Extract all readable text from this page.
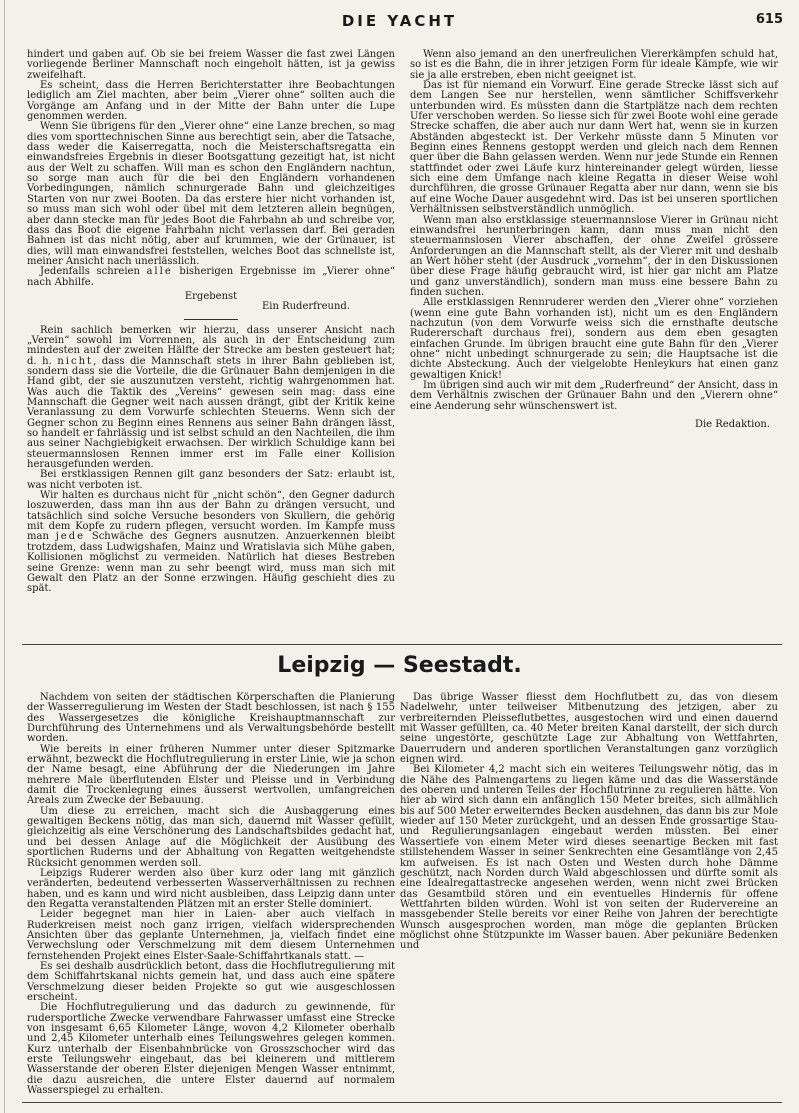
DIE YACHT	615

hindert und gaben auf. Ob sie bei freiem Wasser die fast zwei Längen vorliegende Berliner Mannschaft noch eingeholt hätten, ist ja gewiss zweifelhaft.

Es scheint, dass die Herren Berichterstatter ihre Beobachtungen lediglich am Ziel machten, aber beim „Vierer ohne“ sollten auch die Vorgänge am Anfang und in der Mitte der Bahn unter die Lupe genommen werden.

Wenn Sie übrigens für den „Vierer ohne“ eine Lanze brechen, so mag dies vom sporttechnischen Sinne aus berechtigt sein, aber die Tatsache, dass weder die Kaiserregatta, noch die Meisterschaftsregatta ein einwandsfreies Ergebnis in dieser Bootsgattung gezeitigt hat, ist nicht aus der Welt zu schaffen. Will man es schon den Engländern nachtun, so sorge man auch für die bei den Engländern vorhandenen Vorbedingungen, nämlich schnurgerade Bahn und gleichzeitiges Starten von nur zwei Booten. Da das erstere hier nicht vorhanden ist, so muss man sich wohl oder übel mit dem letzteren allein begnügen, aber dann stecke man für jedes Boot die Fahrbahn ab und schreibe vor, dass das Boot die eigene Fahrbahn nicht verlassen darf. Bei geraden Bahnen ist das nicht nötig, aber auf krummen, wie der Grünauer, ist dies, will man einwandsfrei feststellen, welches Boot das schnellste ist, meiner Ansicht nach unerlässlich.

Jedenfalls schreien alle bisherigen Ergebnisse im „Vierer ohne“ nach Abhilfe.

Ergebenst

Ein Ruderfreund.

Rein sachlich bemerken wir hierzu, dass unserer Ansicht nach „Verein“ sowohl im Vorrennen, als auch in der Entscheidung zum mindesten auf der zweiten Hälfte der Strecke am besten gesteuert hat; d. h. nicht, dass die Mannschaft stets in ihrer Bahn geblieben ist, sondern dass sie die Vorteile, die die Grünauer Bahn demjenigen in die Hand gibt, der sie auszunutzen versteht, richtig wahrgenommen hat. Was auch die Taktik des „Vereins“ gewesen sein mag: dass eine Mannschaft die Gegner weit nach aussen drängt, gibt der Kritik keine Veranlassung zu dem Vorwurfe schlechten Steuerns. Wenn sich der Gegner schon zu Beginn eines Rennens aus seiner Bahn drängen lässt, so handelt er fahrlässig und ist selbst schuld an den Nachteilen, die ihm aus seiner Nachgiebigkeit erwachsen. Der wirklich Schuldige kann bei steuermannslosen Rennen immer erst im Falle einer Kollision herausgefunden werden.

Bei erstklassigen Rennen gilt ganz besonders der Satz: erlaubt ist, was nicht verboten ist.

Wir halten es durchaus nicht für „nicht schön“, den Gegner dadurch loszuwerden, dass man ihn aus der Bahn zu drängen versucht, und tatsächlich sind solche Versuche besonders von Skullern, die gehörig mit dem Kopfe zu rudern pflegen, versucht worden. Im Kampfe muss man jede Schwäche des Gegners ausnutzen. Anzuerkennen bleibt trotzdem, dass Ludwigshafen, Mainz und Wratislavia sich Mühe gaben, Kollisionen möglichst zu vermeiden. Natürlich hat dieses Bestreben seine Grenze: wenn man zu sehr beengt wird, muss man sich mit Gewalt den Platz an der Sonne erzwingen. Häufig geschieht dies zu spät.

Wenn also jemand an den unerfreulichen Viererkämpfen schuld hat, so ist es die Bahn, die in ihrer jetzigen Form für ideale Kämpfe, wie wir sie ja alle erstreben, eben nicht geeignet ist.

Das ist für niemand ein Vorwurf. Eine gerade Strecke lässt sich auf dem Langen See nur herstellen, wenn sämtlicher Schiffsverkehr unterbunden wird. Es müssten dann die Startplätze nach dem rechten Ufer verschoben werden. So liesse sich für zwei Boote wohl eine gerade Strecke schaffen, die aber auch nur dann Wert hat, wenn sie in kurzen Abständen abgesteckt ist. Der Verkehr müsste dann 5 Minuten vor Beginn eines Rennens gestoppt werden und gleich nach dem Rennen quer über die Bahn gelassen werden. Wenn nur jede Stunde ein Rennen stattfindet oder zwei Läufe kurz hintereinander gelegt würden, liesse sich eine dem Umfange nach kleine Regatta in dieser Weise wohl durchführen, die grosse Grünauer Regatta aber nur dann, wenn sie bis auf eine Woche Dauer ausgedehnt wird. Das ist bei unseren sportlichen Verhältnissen selbstverständlich unmöglich.

Wenn man also erstklassige steuermannslose Vierer in Grünau nicht einwandsfrei herunterbringen kann, dann muss man nicht den steuermannslosen Vierer abschaffen, der ohne Zweifel grössere Anforderungen an die Mannschaft stellt, als der Vierer mit und deshalb an Wert höher steht (der Ausdruck „vornehm“, der in den Diskussionen über diese Frage häufig gebraucht wird, ist hier gar nicht am Platze und ganz unverständlich), sondern man muss eine bessere Bahn zu finden suchen.

Alle erstklassigen Rennruderer werden den „Vierer ohne“ vorziehen (wenn eine gute Bahn vorhanden ist), nicht um es den Engländern nachzutun (von dem Vorwurfe weiss sich die ernsthafte deutsche Rudererschaft durchaus frei), sondern aus dem eben gesagten einfachen Grunde. Im übrigen braucht eine gute Bahn für den „Vierer ohne“ nicht unbedingt schnurgerade zu sein; die Hauptsache ist die dichte Absteckung. Auch der vielgelobte Henleykurs hat einen ganz gewaltigen Knick!

Im übrigen sind auch wir mit dem „Ruderfreund“ der Ansicht, dass in dem Verhältnis zwischen der Grünauer Bahn und den „Vierern ohne“ eine Aenderung sehr wünschenswert ist.

Die Redaktion.

Leipzig — Seestadt.

Nachdem von seiten der städtischen Körperschaften die Planierung der Wasserregulierung im Westen der Stadt beschlossen, ist nach § 155 des Wassergesetzes die königliche Kreishauptmannschaft zur Durchführung des Unternehmens und als Verwaltungsbehörde bestellt worden.

Wie bereits in einer früheren Nummer unter dieser Spitzmarke erwähnt, bezweckt die Hochflutregulierung in erster Linie, wie ja schon der Name besagt, eine Abführung der die Niederungen im Jahre mehrere Male überflutenden Elster und Pleisse und in Verbindung damit die Trockenlegung eines äusserst wertvollen, umfangreichen Areals zum Zwecke der Bebauung.

Um diese zu erreichen, macht sich die Ausbaggerung eines gewaltigen Beckens nötig, das man sich, dauernd mit Wasser gefüllt, gleichzeitig als eine Verschönerung des Landschaftsbildes gedacht hat, und bei dessen Anlage auf die Möglichkeit der Ausübung des sportlichen Ruderns und der Abhaltung von Regatten weitgehendste Rücksicht genommen werden soll.

Leipzigs Ruderer werden also über kurz oder lang mit gänzlich veränderten, bedeutend verbesserten Wasserverhältnissen zu rechnen haben, und es kann und wird nicht ausbleiben, dass Leipzig dann unter den Regatta veranstaltenden Plätzen mit an erster Stelle dominiert.

Leider begegnet man hier in Laien- aber auch vielfach in Ruderkreisen meist noch ganz irrigen, vielfach widersprechenden Ansichten über das geplante Unternehmen, ja, vielfach findet eine Verwechslung oder Verschmelzung mit dem diesem Unternehmen fernstehenden Projekt eines Elster-Saale-Schiffahrtkanals statt. —

Es sei deshalb ausdrücklich betont, dass die Hochflutregulierung mit dem Schiffahrtskanal nichts gemein hat, und dass auch eine spätere Verschmelzung dieser beiden Projekte so gut wie ausgeschlossen erscheint.

Die Hochflutregulierung und das dadurch zu gewinnende, für rudersportliche Zwecke verwendbare Fahrwasser umfasst eine Strecke von insgesamt 6,65 Kilometer Länge, wovon 4,2 Kilometer oberhalb und 2,45 Kilometer unterhalb eines Teilungswehres gelegen kommen. Kurz unterhalb der Eisenbahnbrücke von Grosszschocher wird das erste Teilungswehr eingebaut, das bei kleinerem und mittlerem Wasserstande der oberen Elster diejenigen Mengen Wasser entnimmt, die dazu ausreichen, die untere Elster dauernd auf normalem Wasserspiegel zu erhalten.

Das übrige Wasser fliesst dem Hochflutbett zu, das von diesem Nadelwehr, unter teilweiser Mitbenutzung des jetzigen, aber zu verbreiternden Pleisseflutbettes, ausgestochen wird und einen dauernd mit Wasser gefüllten, ca. 40 Meter breiten Kanal darstellt, der sich durch seine ungestörte, geschützte Lage zur Abhaltung von Wettfahrten, Dauerrudern und anderen sportlichen Veranstaltungen ganz vorzüglich eignen wird.

Bei Kilometer 4,2 macht sich ein weiteres Teilungswehr nötig, das in die Nähe des Palmengartens zu liegen käme und das die Wasserstände des oberen und unteren Teiles der Hochflutrinne zu regulieren hätte. Von hier ab wird sich dann ein anfänglich 150 Meter breites, sich allmählich bis auf 500 Meter erweiterndes Becken ausdehnen, das dann bis zur Mole wieder auf 150 Meter zurückgeht, und an dessen Ende grossartige Stau- und Regulierungsanlagen eingebaut werden müssten. Bei einer Wassertiefe von einem Meter wird dieses seenartige Becken mit fast stillstehendem Wasser in seiner Senkrechten eine Gesamtlänge von 2,45 km aufweisen. Es ist nach Osten und Westen durch hohe Dämme geschützt, nach Norden durch Wald abgeschlossen und dürfte somit als eine Idealregattastrecke angesehen werden, wenn nicht zwei Brücken das Gesamtbild stören und ein eventuelles Hindernis für offene Wettfahrten bilden würden. Wohl ist von seiten der Rudervereine an massgebender Stelle bereits vor einer Reihe von Jahren der berechtigte Wunsch ausgesprochen worden, man möge die geplanten Brücken möglichst ohne Stützpunkte im Wasser bauen. Aber pekuniäre Bedenken und
